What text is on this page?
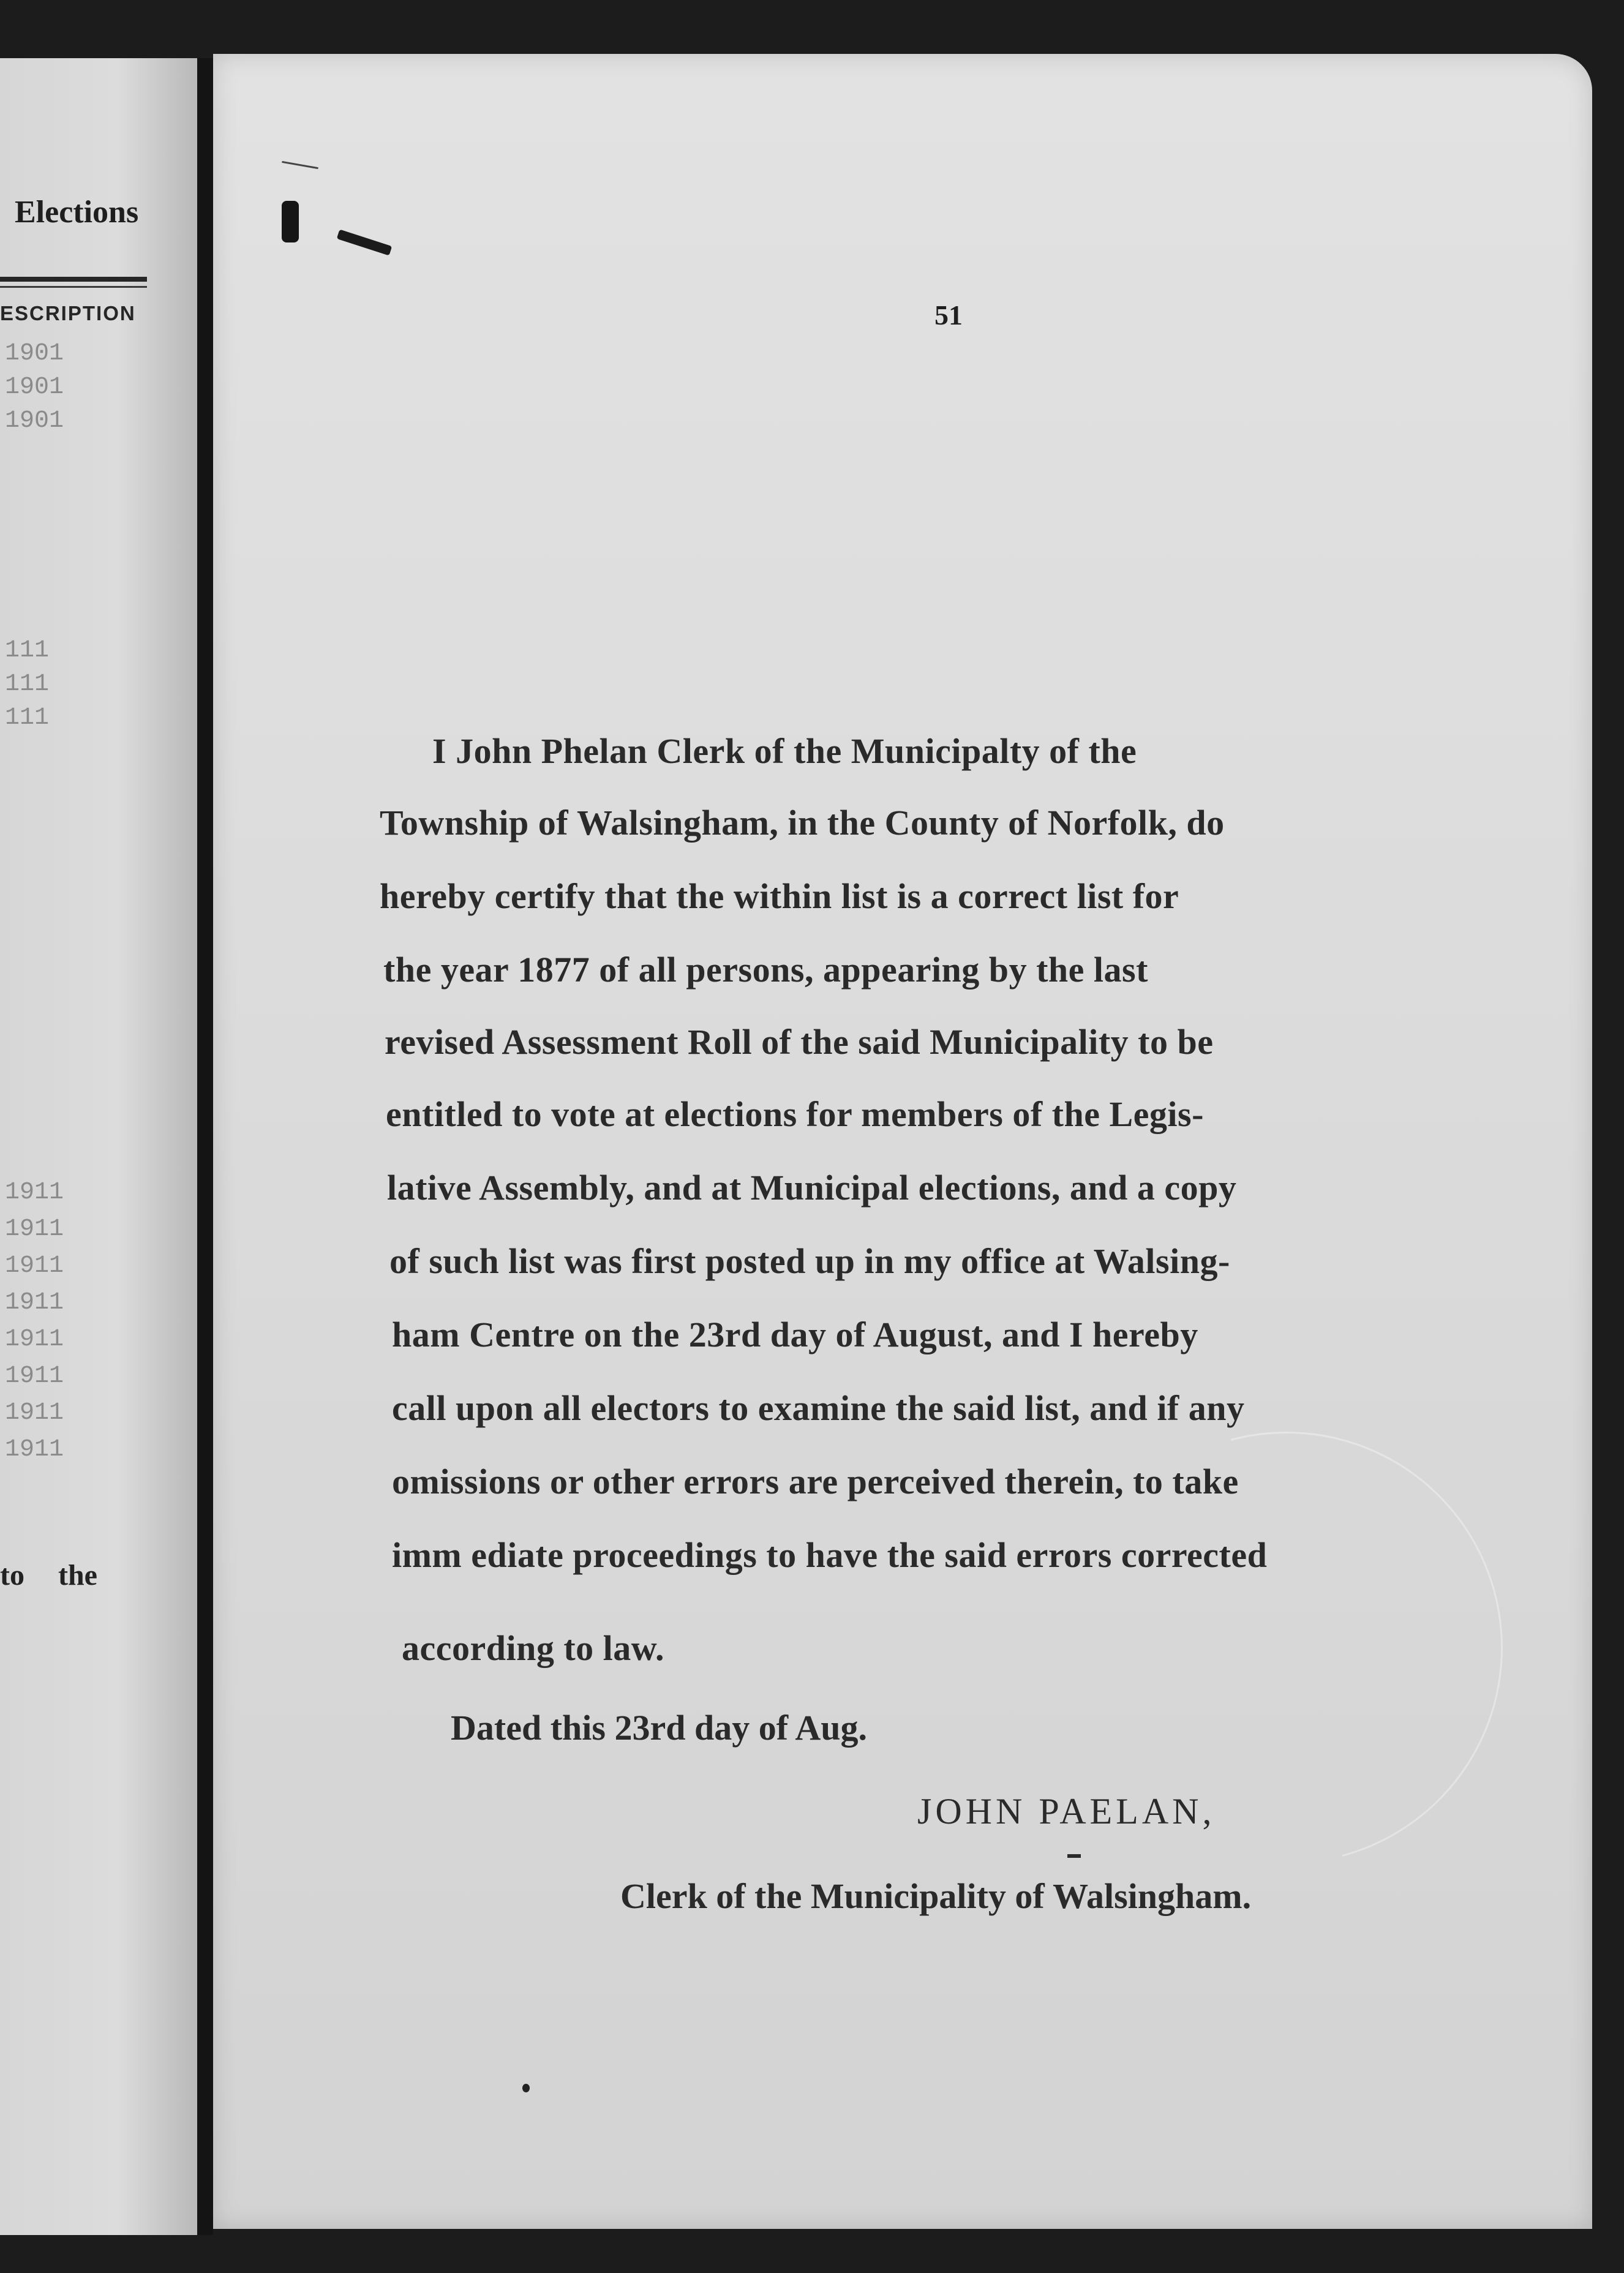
Elections
ESCRIPTION
1901
1901
1901
111
111
111
1911
1911
1911
1911
1911
1911
1911
1911
to the
51
I John Phelan Clerk of the Municipalty of the
Township of Walsingham, in the County of Norfolk, do
hereby certify that the within list is a correct list for
the year 1877 of all persons, appearing by the last
revised Assessment Roll of the said Municipality to be
entitled to vote at elections for members of the Legis-
lative Assembly, and at Municipal elections, and a copy
of such list was first posted up in my office at Walsing-
ham Centre on the 23rd day of August, and I hereby
call upon all electors to examine the said list, and if any
omissions or other errors are perceived therein, to take
imm ediate proceedings to have the said errors corrected
according to law.
Dated this 23rd day of Aug.
JOHN PAELAN,
Clerk of the Municipality of Walsingham.
